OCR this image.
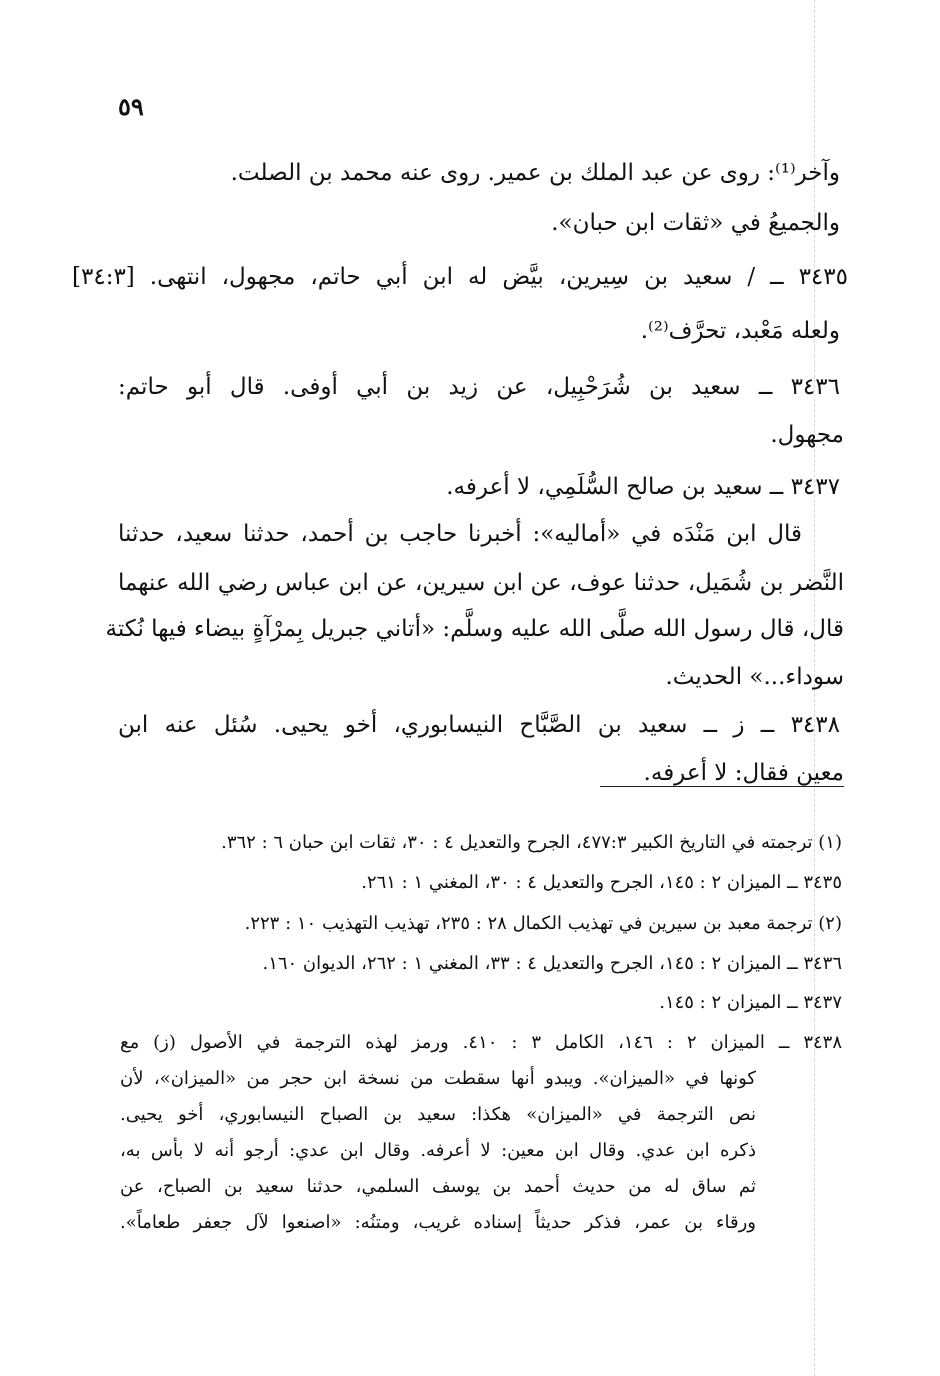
٥٩
وآخر⁽¹⁾: روى عن عبد الملك بن عمير. روى عنه محمد بن الصلت.
والجميعُ في «ثقات ابن حبان».
٣٤٣٥ ــ / سعيد بن سِيرين، بيَّض له ابن أبي حاتم، مجهول، انتهى. [٣٤:٣]
ولعله مَعْبد، تحرَّف⁽²⁾.
٣٤٣٦ ــ سعيد بن شُرَحْبِيل، عن زيد بن أبي أوفى. قال أبو حاتم:
مجهول.
٣٤٣٧ ــ سعيد بن صالح السُّلَمِي، لا أعرفه.
قال ابن مَنْدَه في «أماليه»: أخبرنا حاجب بن أحمد، حدثنا سعيد، حدثنا
النَّضر بن شُمَيل، حدثنا عوف، عن ابن سيرين، عن ابن عباس رضي الله عنهما
قال، قال رسول الله صلَّى الله عليه وسلَّم: «أتاني جبريل بِمرْآةٍ بيضاء فيها نُكتة
سوداء...» الحديث.
٣٤٣٨ ــ ز ــ سعيد بن الصَّبَّاح النيسابوري، أخو يحيى. سُئل عنه ابن
معين فقال: لا أعرفه.
(١) ترجمته في التاريخ الكبير ٤٧٧:٣، الجرح والتعديل ٤ : ٣٠، ثقات ابن حبان ٦ : ٣٦٢.
٣٤٣٥ ــ الميزان ٢ : ١٤٥، الجرح والتعديل ٤ : ٣٠، المغني ١ : ٢٦١.
(٢) ترجمة معبد بن سيرين في تهذيب الكمال ٢٨ : ٢٣٥، تهذيب التهذيب ١٠ : ٢٢٣.
٣٤٣٦ ــ الميزان ٢ : ١٤٥، الجرح والتعديل ٤ : ٣٣، المغني ١ : ٢٦٢، الديوان ١٦٠.
٣٤٣٧ ــ الميزان ٢ : ١٤٥.
٣٤٣٨ ــ الميزان ٢ : ١٤٦، الكامل ٣ : ٤١٠. ورمز لهذه الترجمة في الأصول (ز) مع
كونها في «الميزان». ويبدو أنها سقطت من نسخة ابن حجر من «الميزان»، لأن
نص الترجمة في «الميزان» هكذا: سعيد بن الصباح النيسابوري، أخو يحيى.
ذكره ابن عدي. وقال ابن معين: لا أعرفه. وقال ابن عدي: أرجو أنه لا بأس به،
ثم ساق له من حديث أحمد بن يوسف السلمي، حدثنا سعيد بن الصباح، عن
ورقاء بن عمر، فذكر حديثاً إسناده غريب، ومتنُه: «اصنعوا لآل جعفر طعاماً».
